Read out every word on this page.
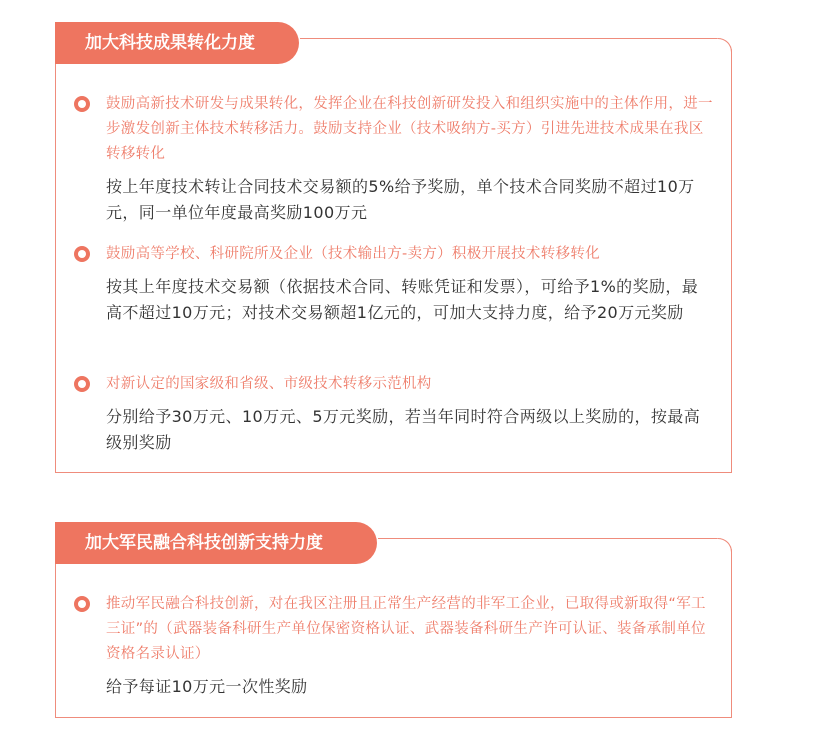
鼓励高新技术研发与成果转化，发挥企业在科技创新研发投入和组织实施中的主体作用，进一步激发创新主体技术转移活力。鼓励支持企业（技术吸纳方-买方）引进先进技术成果在我区转移转化
按上年度技术转让合同技术交易额的5%给予奖励，单个技术合同奖励不超过10万元，同一单位年度最高奖励100万元
鼓励高等学校、科研院所及企业（技术输出方-卖方）积极开展技术转移转化
按其上年度技术交易额（依据技术合同、转账凭证和发票），可给予1%的奖励，最高不超过10万元；对技术交易额超1亿元的，可加大支持力度，给予20万元奖励
对新认定的国家级和省级、市级技术转移示范机构
分别给予30万元、10万元、5万元奖励，若当年同时符合两级以上奖励的，按最高级别奖励
加大科技成果转化力度
推动军民融合科技创新，对在我区注册且正常生产经营的非军工企业，已取得或新取得“军工三证”的（武器装备科研生产单位保密资格认证、武器装备科研生产许可认证、装备承制单位资格名录认证）
给予每证10万元一次性奖励
加大军民融合科技创新支持力度
